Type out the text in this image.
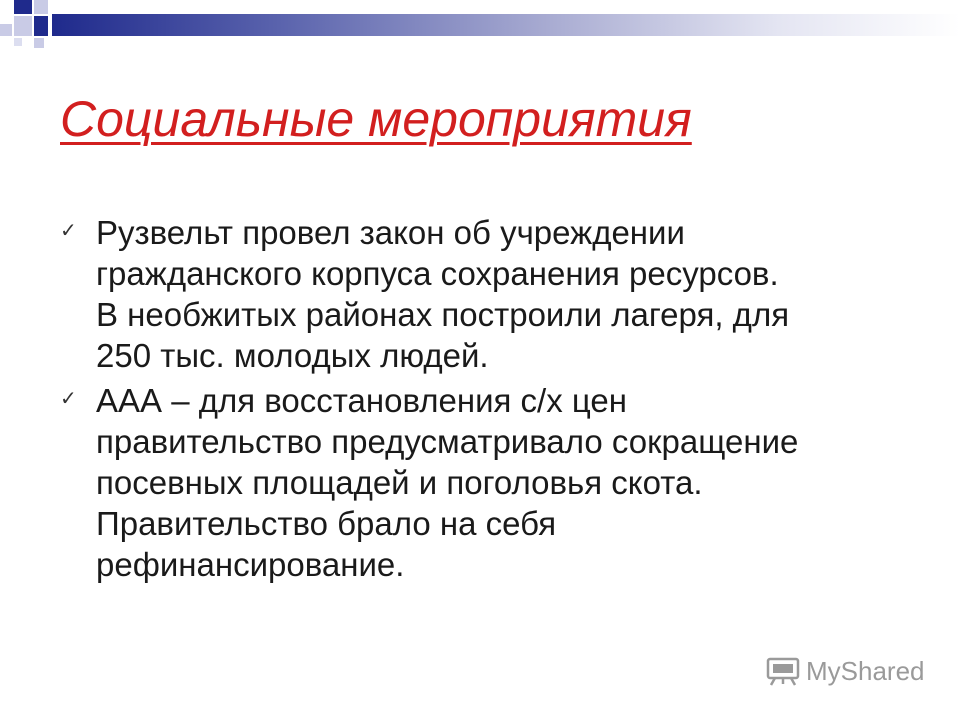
Социальные мероприятия
✓ Рузвельт провел закон об учреждении
гражданского корпуса сохранения ресурсов.
В необжитых районах построили лагеря, для
250 тыс. молодых людей.
✓ ААА – для восстановления с/х цен
правительство предусматривало сокращение
посевных площадей и поголовья скота.
Правительство брало на себя
рефинансирование.
MyShared
